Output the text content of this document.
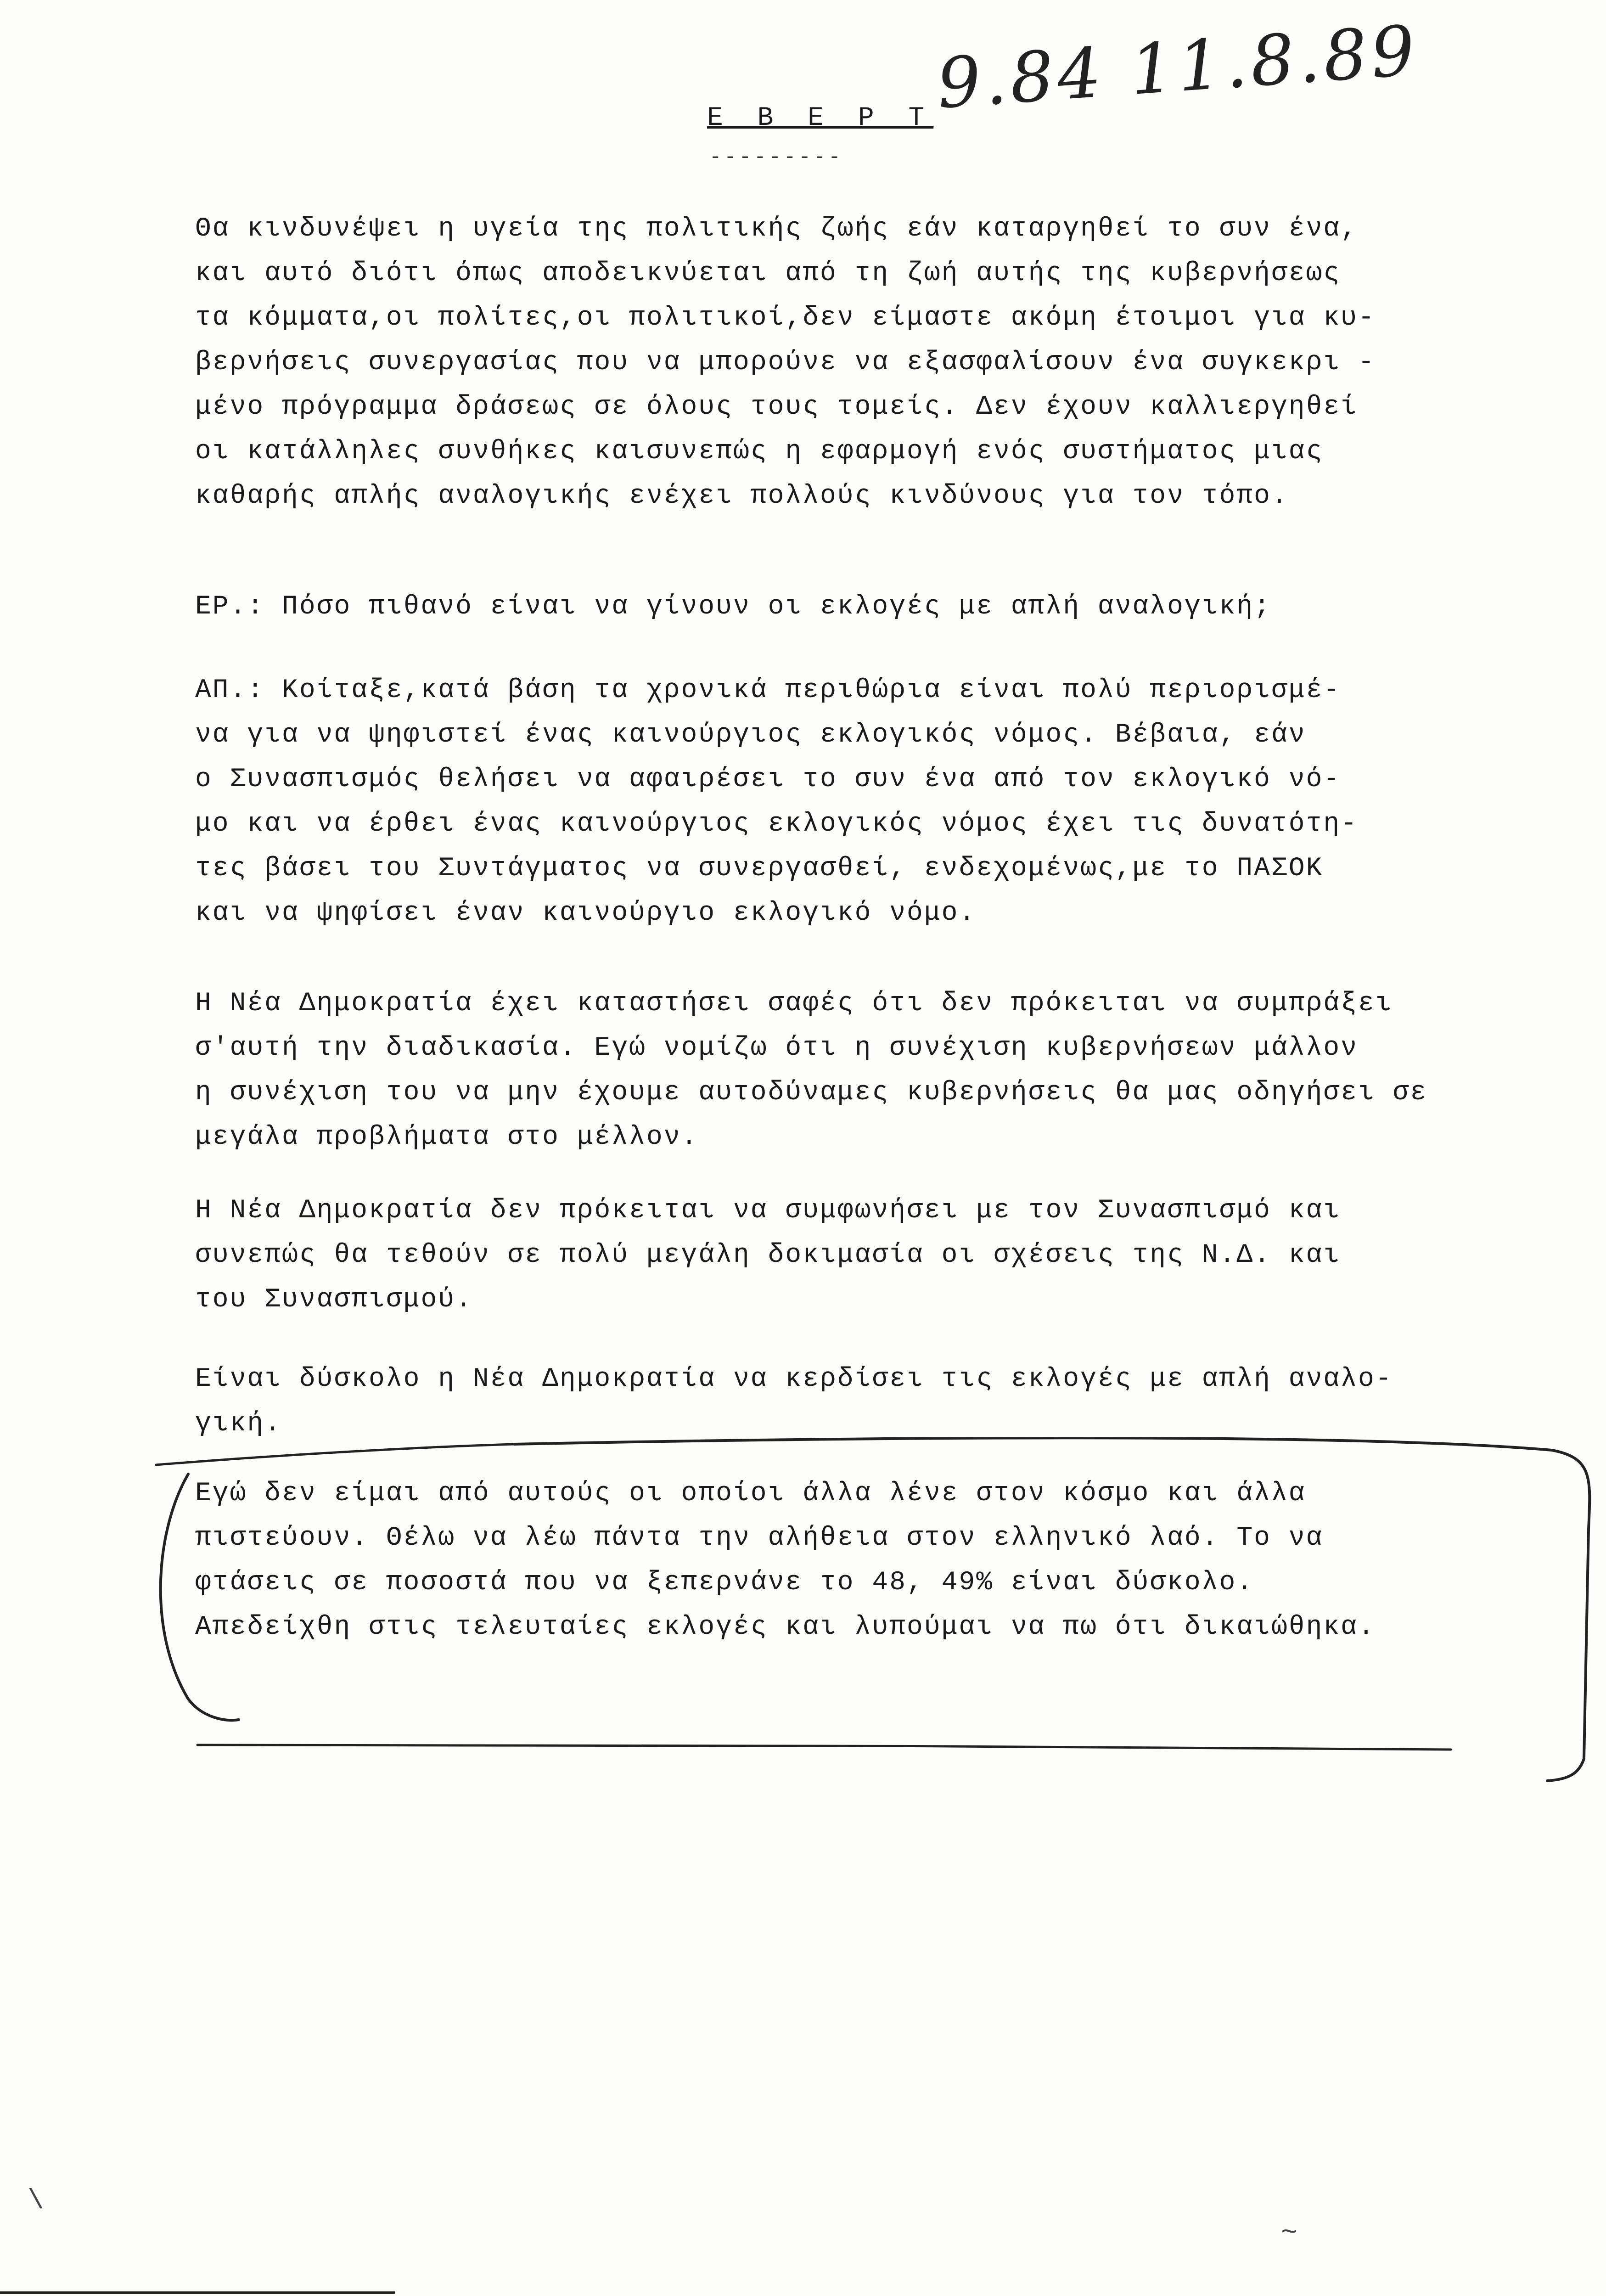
Ε Β Ε Ρ Τ
---------
9.84 11.8.89
Θα κινδυνέψει η υγεία της πολιτικής ζωής εάν καταργηθεί το συν ένα,
και αυτό διότι όπως αποδεικνύεται από τη ζωή αυτής της κυβερνήσεως
τα κόμματα,οι πολίτες,οι πολιτικοί,δεν είμαστε ακόμη έτοιμοι για κυ-
βερνήσεις συνεργασίας που να μπορούνε να εξασφαλίσουν ένα συγκεκρι -
μένο πρόγραμμα δράσεως σε όλους τους τομείς. Δεν έχουν καλλιεργηθεί
οι κατάλληλες συνθήκες καισυνεπώς η εφαρμογή ενός συστήματος μιας
καθαρής απλής αναλογικής ενέχει πολλούς κινδύνους για τον τόπο.
ΕΡ.: Πόσο πιθανό είναι να γίνουν οι εκλογές με απλή αναλογική;
ΑΠ.: Κοίταξε,κατά βάση τα χρονικά περιθώρια είναι πολύ περιορισμέ-
να για να ψηφιστεί ένας καινούργιος εκλογικός νόμος. Βέβαια, εάν
ο Συνασπισμός θελήσει να αφαιρέσει το συν ένα από τον εκλογικό νό-
μο και να έρθει ένας καινούργιος εκλογικός νόμος έχει τις δυνατότη-
τες βάσει του Συντάγματος να συνεργασθεί, ενδεχομένως,με το ΠΑΣΟΚ
και να ψηφίσει έναν καινούργιο εκλογικό νόμο.
Η Νέα Δημοκρατία έχει καταστήσει σαφές ότι δεν πρόκειται να συμπράξει
σ'αυτή την διαδικασία. Εγώ νομίζω ότι η συνέχιση κυβερνήσεων μάλλον
η συνέχιση του να μην έχουμε αυτοδύναμες κυβερνήσεις θα μας οδηγήσει σε
μεγάλα προβλήματα στο μέλλον.
Η Νέα Δημοκρατία δεν πρόκειται να συμφωνήσει με τον Συνασπισμό και
συνεπώς θα τεθούν σε πολύ μεγάλη δοκιμασία οι σχέσεις της Ν.Δ. και
του Συνασπισμού.
Είναι δύσκολο η Νέα Δημοκρατία να κερδίσει τις εκλογές με απλή αναλο-
γική.
Εγώ δεν είμαι από αυτούς οι οποίοι άλλα λένε στον κόσμο και άλλα
πιστεύουν. Θέλω να λέω πάντα την αλήθεια στον ελληνικό λαό. Το να
φτάσεις σε ποσοστά που να ξεπερνάνε το 48, 49% είναι δύσκολο.
Απεδείχθη στις τελευταίες εκλογές και λυπούμαι να πω ότι δικαιώθηκα.
\
~
